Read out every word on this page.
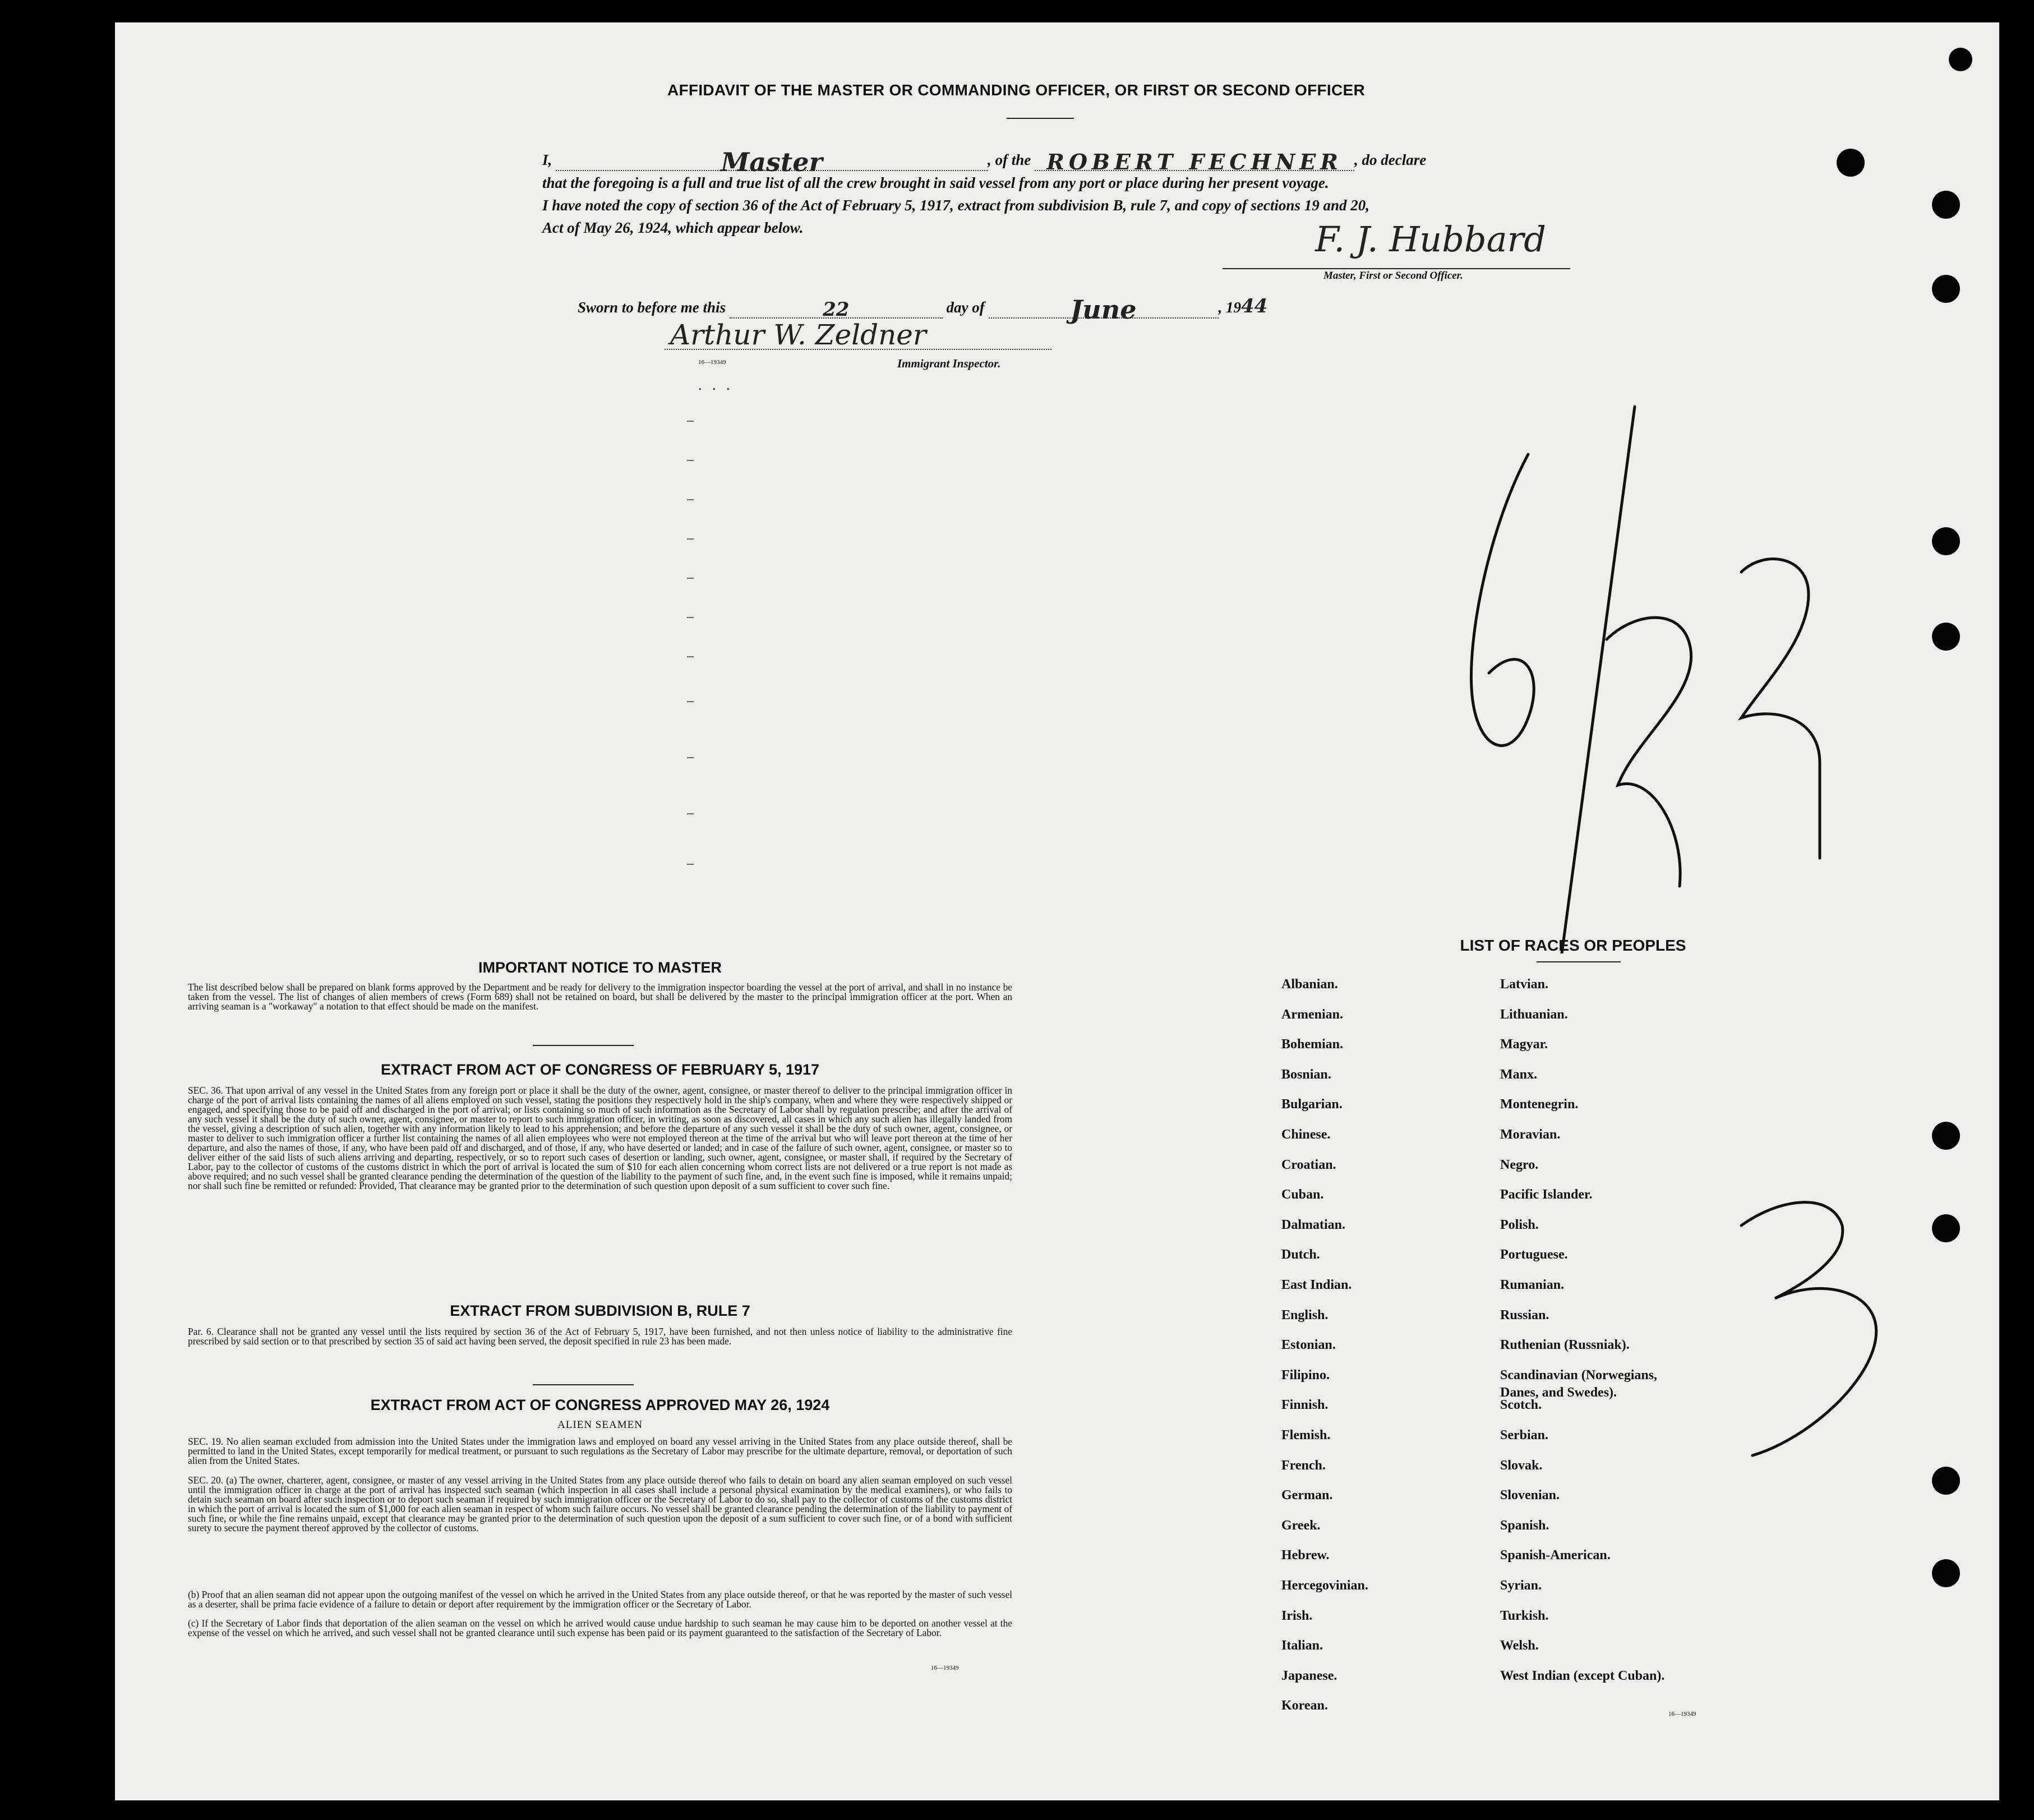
AFFIDAVIT OF THE MASTER OR COMMANDING OFFICER, OR FIRST OR SECOND OFFICER
I,	Master	, of the ROBERT FECHNER , do declare
that the foregoing is a full and true list of all the crew brought in said vessel from any port or place during her present voyage.
I have noted the copy of section 36 of the Act of February 5, 1917, extract from subdivision B, rule 7, and copy of sections 19 and 20,
Act of May 26, 1924, which appear below.	F. J. Hubbard
Master, First or Second Officer.
Sworn to before me this	22	day of	June	, 1944
Arthur W. Zeldner
16—19349	Immigrant Inspector.
. . .
IMPORTANT NOTICE TO MASTER
The list described below shall be prepared on blank forms approved by the Department and be ready for delivery to the immigration inspector boarding the vessel at the port of arrival, and shall in no instance be taken from the vessel. The list of changes of alien members of crews (Form 689) shall not be retained on board, but shall be delivered by the master to the principal immigration officer at the port. When an arriving seaman is a "workaway" a notation to that effect should be made on the manifest.
EXTRACT FROM ACT OF CONGRESS OF FEBRUARY 5, 1917
SEC. 36. That upon arrival of any vessel in the United States from any foreign port or place it shall be the duty of the owner, agent, consignee, or master thereof to deliver to the principal immigration officer in charge of the port of arrival lists containing the names of all aliens employed on such vessel, stating the positions they respectively hold in the ship's company, when and where they were respectively shipped or engaged, and specifying those to be paid off and discharged in the port of arrival; or lists containing so much of such information as the Secretary of Labor shall by regulation prescribe; and after the arrival of any such vessel it shall be the duty of such owner, agent, consignee, or master to report to such immigration officer, in writing, as soon as discovered, all cases in which any such alien has illegally landed from the vessel, giving a description of such alien, together with any information likely to lead to his apprehension; and before the departure of any such vessel it shall be the duty of such owner, agent, consignee, or master to deliver to such immigration officer a further list containing the names of all alien employees who were not employed thereon at the time of the arrival but who will leave port thereon at the time of her departure, and also the names of those, if any, who have been paid off and discharged, and of those, if any, who have deserted or landed; and in case of the failure of such owner, agent, consignee, or master so to deliver either of the said lists of such aliens arriving and departing, respectively, or so to report such cases of desertion or landing, such owner, agent, consignee, or master shall, if required by the Secretary of Labor, pay to the collector of customs of the customs district in which the port of arrival is located the sum of $10 for each alien concerning whom correct lists are not delivered or a true report is not made as above required; and no such vessel shall be granted clearance pending the determination of the question of the liability to the payment of such fine, and, in the event such fine is imposed, while it remains unpaid; nor shall such fine be remitted or refunded: Provided, That clearance may be granted prior to the determination of such question upon deposit of a sum sufficient to cover such fine.
EXTRACT FROM SUBDIVISION B, RULE 7
Par. 6. Clearance shall not be granted any vessel until the lists required by section 36 of the Act of February 5, 1917, have been furnished, and not then unless notice of liability to the administrative fine prescribed by said section or to that prescribed by section 35 of said act having been served, the deposit specified in rule 23 has been made.
EXTRACT FROM ACT OF CONGRESS APPROVED MAY 26, 1924
ALIEN SEAMEN
SEC. 19. No alien seaman excluded from admission into the United States under the immigration laws and employed on board any vessel arriving in the United States from any place outside thereof, shall be permitted to land in the United States, except temporarily for medical treatment, or pursuant to such regulations as the Secretary of Labor may prescribe for the ultimate departure, removal, or deportation of such alien from the United States.
SEC. 20. (a) The owner, charterer, agent, consignee, or master of any vessel arriving in the United States from any place outside thereof who fails to detain on board any alien seaman employed on such vessel until the immigration officer in charge at the port of arrival has inspected such seaman (which inspection in all cases shall include a personal physical examination by the medical examiners), or who fails to detain such seaman on board after such inspection or to deport such seaman if required by such immigration officer or the Secretary of Labor to do so, shall pay to the collector of customs of the customs district in which the port of arrival is located the sum of $1,000 for each alien seaman in respect of whom such failure occurs. No vessel shall be granted clearance pending the determination of the liability to payment of such fine, or while the fine remains unpaid, except that clearance may be granted prior to the determination of such question upon the deposit of a sum sufficient to cover such fine, or of a bond with sufficient surety to secure the payment thereof approved by the collector of customs.
(b) Proof that an alien seaman did not appear upon the outgoing manifest of the vessel on which he arrived in the United States from any place outside thereof, or that he was reported by the master of such vessel as a deserter, shall be prima facie evidence of a failure to detain or deport after requirement by the immigration officer or the Secretary of Labor.
(c) If the Secretary of Labor finds that deportation of the alien seaman on the vessel on which he arrived would cause undue hardship to such seaman he may cause him to be deported on another vessel at the expense of the vessel on which he arrived, and such vessel shall not be granted clearance until such expense has been paid or its payment guaranteed to the satisfaction of the Secretary of Labor.
16—19349
LIST OF RACES OR PEOPLES
Albanian.
Armenian.
Bohemian.
Bosnian.
Bulgarian.
Chinese.
Croatian.
Cuban.
Dalmatian.
Dutch.
East Indian.
English.
Estonian.
Filipino.
Finnish.
Flemish.
French.
German.
Greek.
Hebrew.
Hercegovinian.
Irish.
Italian.
Japanese.
Korean.
Latvian.
Lithuanian.
Magyar.
Manx.
Montenegrin.
Moravian.
Negro.
Pacific Islander.
Polish.
Portuguese.
Rumanian.
Russian.
Ruthenian (Russniak).
Scandinavian (Norwegians,
Danes, and Swedes).
Scotch.
Serbian.
Slovak.
Slovenian.
Spanish.
Spanish-American.
Syrian.
Turkish.
Welsh.
West Indian (except Cuban).
16—19349
